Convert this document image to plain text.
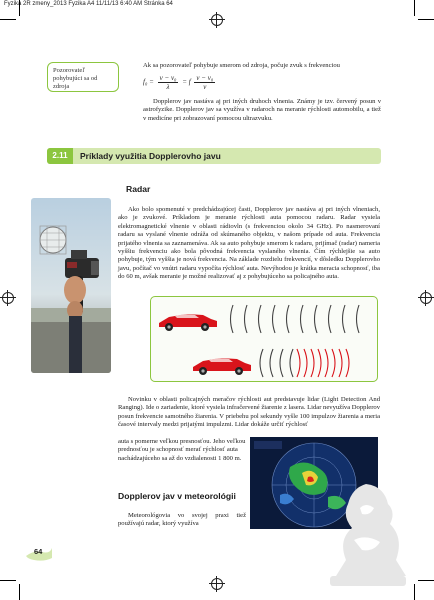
Fyzika 2R zmeny_2013 Fyzika A4 11/11/13 6:40 AM Stránka 64
Pozorovateľ pohybujúci sa od zdroja
Ak sa pozorovateľ pohybuje smerom od zdroja, počuje zvuk s frekvenciou
$f_0 = \frac{\text{v − v₀}}{\lambda} = f \frac{\text{v − v₀}}{v}$
Dopplerov jav nastáva aj pri iných druhoch vlnenia. Známy je tzv. červený posun v astrofyzike. Dopplerov jav sa využíva v radaroch na meranie rýchlosti automobilu, a tiež v medicíne pri zobrazovaní pomocou ultrazvuku.
2.11	Príklady využitia Dopplerovho javu
Radar
Ako bolo spomenuté v predchádzajúcej časti, Dopplerov jav nastáva aj pri iných vlneniach, ako je zvukové. Príkladom je meranie rýchlosti auta pomocou radaru. Radar vysiela elektromagnetické vlnenie v oblasti rádiovln (s frekvenciou okolo 34 GHz). Po nasmerovaní radaru sa vyslané vlnenie odráža od skúmaného objektu, v našom prípade od auta. Frekvencia prijatého vlnenia sa zaznamenáva. Ak sa auto pohybuje smerom k radaru, prijímač (radar) nameria vyššiu frekvenciu ako bola pôvodná frekvencia vyslaného vlnenia. Čím rýchlejšie sa auto pohybuje, tým vyššia je nová frekvencia. Na základe rozdielu frekvencií, v dôsledku Dopplerovho javu, počítač vo vnútri radaru vypočíta rýchlosť auta. Nevýhodou je krátka meracia schopnosť, iba do 60 m, avšak meranie je možné realizovať aj z pohybujúceho sa policajného auta.
Novinku v oblasti policajných meračov rýchlosti aut predstavuje lidar (Light Detection And Ranging). Ide o zariadenie, ktoré vysiela infračervené žiarenie z lasera. Lidar nevyužíva Dopplerov posun frekvencie samotného žiarenia. V priebehu pol sekundy vyšle 100 impulzov žiarenia a meria časové intervaly medzi prijatými impulzmi. Lidar dokáže určiť rýchlosť
auta s pomerne veľkou presnosťou. Jeho veľkou prednosťou je schopnosť merať rýchlosť auta nachádzajúceho sa až do vzdialenosti 1 800 m.
Dopplerov jav v meteorológii
Meteorológovia vo svojej praxi tiež používajú radar, ktorý využíva
64
